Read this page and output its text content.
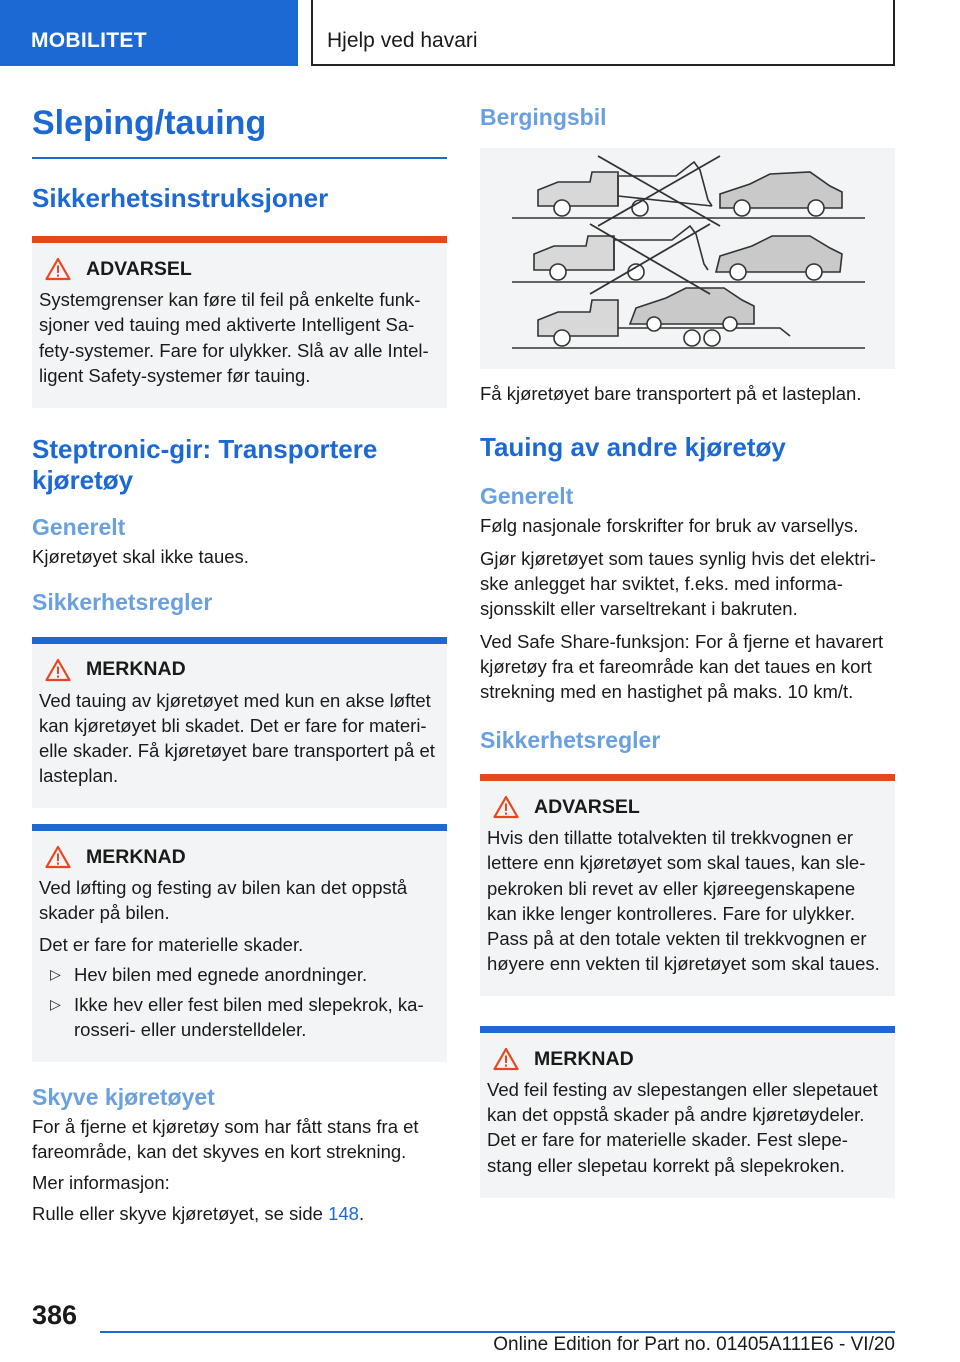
MOBILITET	Hjelp ved havari
Sleping/tauing
Sikkerhetsinstruksjoner
ADVARSEL
Systemgrenser kan føre til feil på enkelte funk-sjoner ved tauing med aktiverte Intelligent Sa-fety-systemer. Fare for ulykker. Slå av alle Intel-ligent Safety-systemer før tauing.
Steptronic-gir: Transportere kjøretøy
Generelt
Kjøretøyet skal ikke taues.
Sikkerhetsregler
MERKNAD
Ved tauing av kjøretøyet med kun en akse løftet kan kjøretøyet bli skadet. Det er fare for materi-elle skader. Få kjøretøyet bare transportert på et lasteplan.
MERKNAD
Ved løfting og festing av bilen kan det oppstå skader på bilen.
Det er fare for materielle skader.
▷ Hev bilen med egnede anordninger.
▷ Ikke hev eller fest bilen med slepekrok, ka-rosseri- eller understelldeler.
Skyve kjøretøyet
For å fjerne et kjøretøy som har fått stans fra et fareområde, kan det skyves en kort strekning.
Mer informasjon:
Rulle eller skyve kjøretøyet, se side 148.
Bergingsbil
Få kjøretøyet bare transportert på et lasteplan.
Tauing av andre kjøretøy
Generelt
Følg nasjonale forskrifter for bruk av varsellys.
Gjør kjøretøyet som taues synlig hvis det elektri-ske anlegget har sviktet, f.eks. med informa-sjonsskilt eller varseltrekant i bakruten.
Ved Safe Share-funksjon: For å fjerne et havarert kjøretøy fra et fareområde kan det taues en kort strekning med en hastighet på maks. 10 km/t.
Sikkerhetsregler
ADVARSEL
Hvis den tillatte totalvekten til trekkvognen er lettere enn kjøretøyet som skal taues, kan sle-pekroken bli revet av eller kjøreegenskapene kan ikke lenger kontrolleres. Fare for ulykker. Pass på at den totale vekten til trekkvognen er høyere enn vekten til kjøretøyet som skal taues.
MERKNAD
Ved feil festing av slepestangen eller slepetauet kan det oppstå skader på andre kjøretøydeler. Det er fare for materielle skader. Fest slepe-stang eller slepetau korrekt på slepekroken.
386
Online Edition for Part no. 01405A111E6 - VI/20
